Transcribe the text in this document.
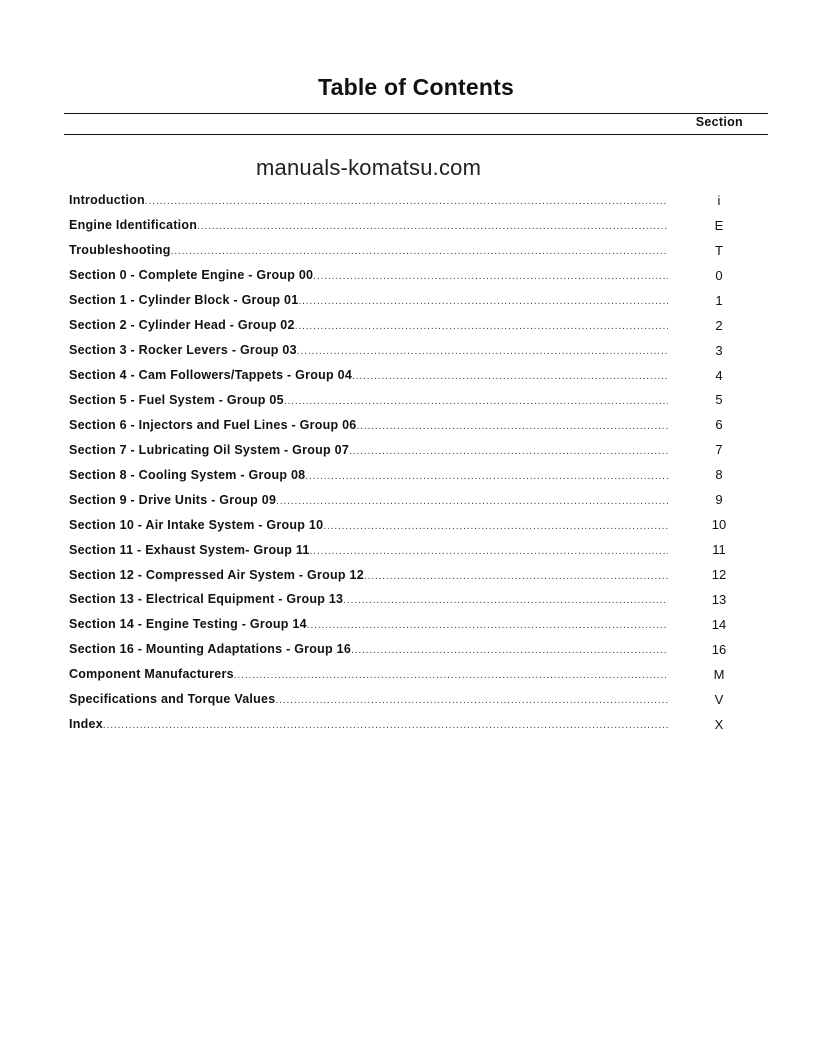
Table of Contents
Section
manuals-komatsu.com
Introduction .....	i
Engine Identification .....	E
Troubleshooting .....	T
Section 0 - Complete Engine - Group 00 .....	0
Section 1 - Cylinder Block - Group 01 .....	1
Section 2 - Cylinder Head - Group 02 .....	2
Section 3 - Rocker Levers - Group 03 .....	3
Section 4 - Cam Followers/Tappets - Group 04 .....	4
Section 5 - Fuel System - Group 05 .....	5
Section 6 - Injectors and Fuel Lines - Group 06 .....	6
Section 7 - Lubricating Oil System - Group 07 .....	7
Section 8 - Cooling System - Group 08 .....	8
Section 9 - Drive Units - Group 09 .....	9
Section 10 - Air Intake System - Group 10 .....	10
Section 11 - Exhaust System- Group 11 .....	11
Section 12 - Compressed Air System - Group 12 .....	12
Section 13 - Electrical Equipment - Group 13 .....	13
Section 14 - Engine Testing - Group 14 .....	14
Section 16 - Mounting Adaptations - Group 16 .....	16
Component Manufacturers .....	M
Specifications and Torque Values .....	V
Index .....	X
